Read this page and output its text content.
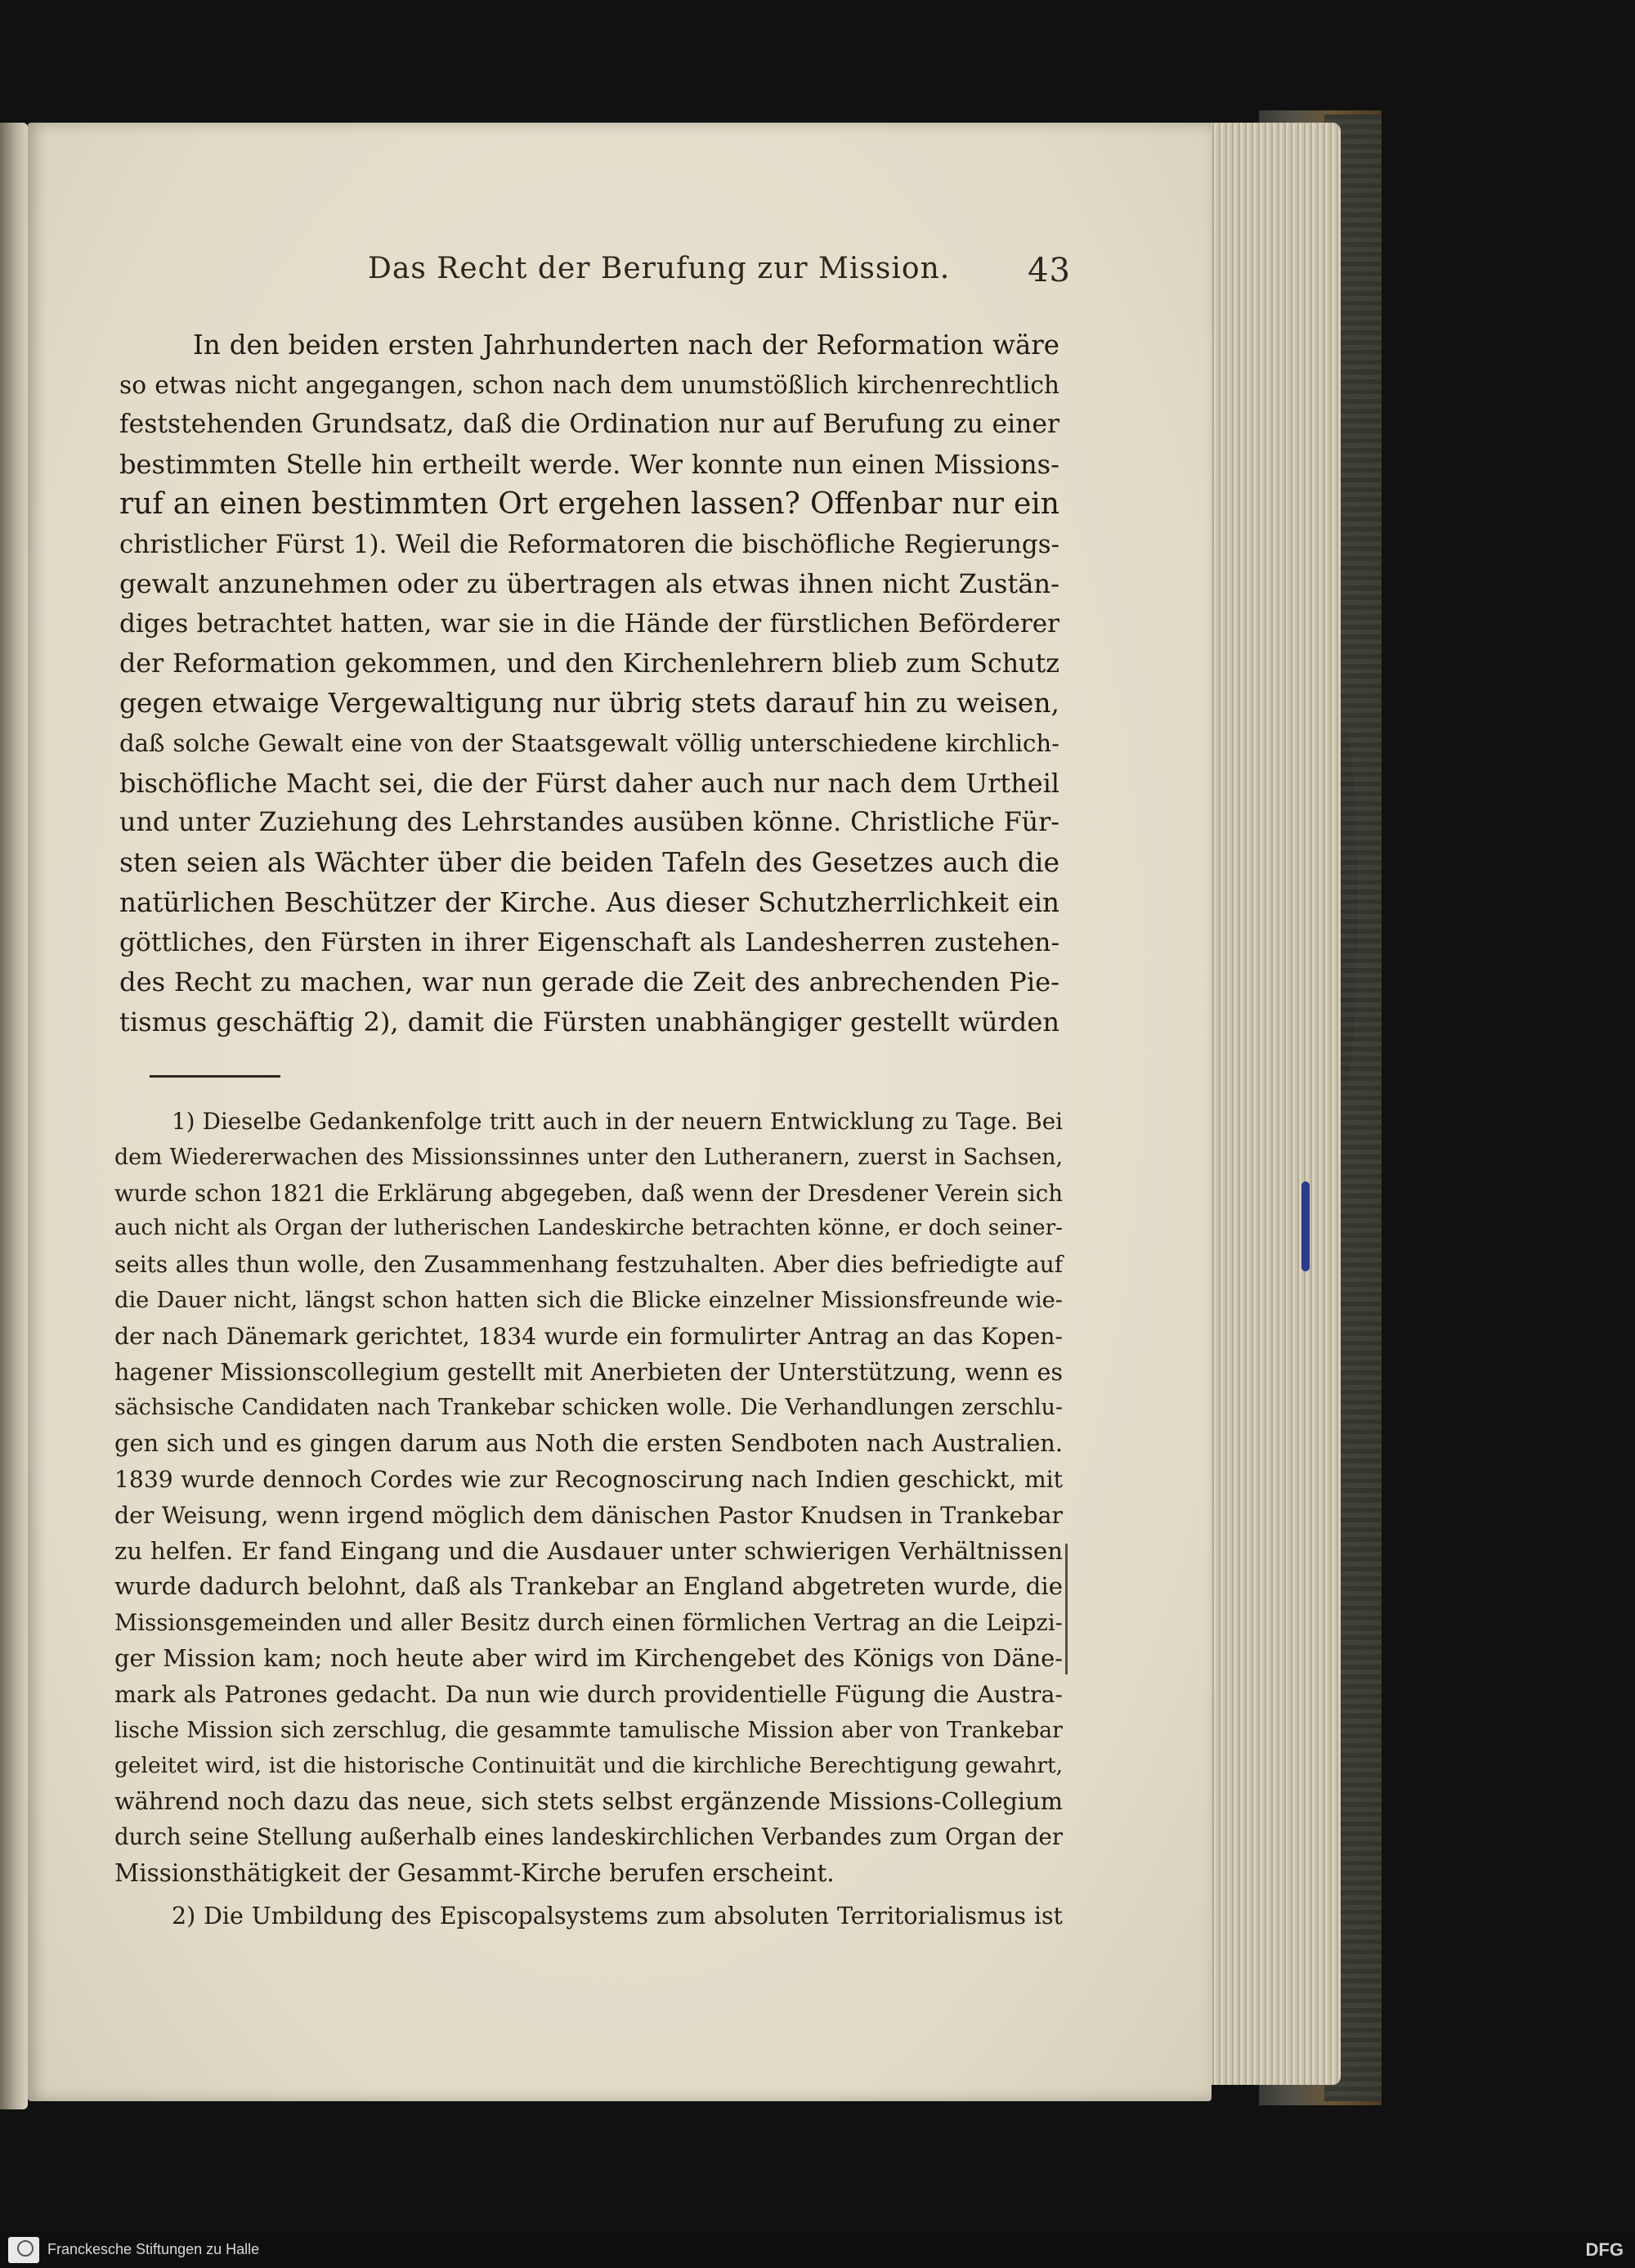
Das Recht der Berufung zur Mission. 43
In den beiden ersten Jahrhunderten nach der Reformation wäre
so etwas nicht angegangen, schon nach dem unumstößlich kirchenrechtlich
feststehenden Grundsatz, daß die Ordination nur auf Berufung zu einer
bestimmten Stelle hin ertheilt werde. Wer konnte nun einen Missions-
ruf an einen bestimmten Ort ergehen lassen? Offenbar nur ein
christlicher Fürst 1). Weil die Reformatoren die bischöfliche Regierungs-
gewalt anzunehmen oder zu übertragen als etwas ihnen nicht Zustän-
diges betrachtet hatten, war sie in die Hände der fürstlichen Beförderer
der Reformation gekommen, und den Kirchenlehrern blieb zum Schutz
gegen etwaige Vergewaltigung nur übrig stets darauf hin zu weisen,
daß solche Gewalt eine von der Staatsgewalt völlig unterschiedene kirchlich-
bischöfliche Macht sei, die der Fürst daher auch nur nach dem Urtheil
und unter Zuziehung des Lehrstandes ausüben könne. Christliche Für-
sten seien als Wächter über die beiden Tafeln des Gesetzes auch die
natürlichen Beschützer der Kirche. Aus dieser Schutzherrlichkeit ein
göttliches, den Fürsten in ihrer Eigenschaft als Landesherren zustehen-
des Recht zu machen, war nun gerade die Zeit des anbrechenden Pie-
tismus geschäftig 2), damit die Fürsten unabhängiger gestellt würden
1) Dieselbe Gedankenfolge tritt auch in der neuern Entwicklung zu Tage. Bei
dem Wiedererwachen des Missionssinnes unter den Lutheranern, zuerst in Sachsen,
wurde schon 1821 die Erklärung abgegeben, daß wenn der Dresdener Verein sich
auch nicht als Organ der lutherischen Landeskirche betrachten könne, er doch seiner-
seits alles thun wolle, den Zusammenhang festzuhalten. Aber dies befriedigte auf
die Dauer nicht, längst schon hatten sich die Blicke einzelner Missionsfreunde wie-
der nach Dänemark gerichtet, 1834 wurde ein formulirter Antrag an das Kopen-
hagener Missionscollegium gestellt mit Anerbieten der Unterstützung, wenn es
sächsische Candidaten nach Trankebar schicken wolle. Die Verhandlungen zerschlu-
gen sich und es gingen darum aus Noth die ersten Sendboten nach Australien.
1839 wurde dennoch Cordes wie zur Recognoscirung nach Indien geschickt, mit
der Weisung, wenn irgend möglich dem dänischen Pastor Knudsen in Trankebar
zu helfen. Er fand Eingang und die Ausdauer unter schwierigen Verhältnissen
wurde dadurch belohnt, daß als Trankebar an England abgetreten wurde, die
Missionsgemeinden und aller Besitz durch einen förmlichen Vertrag an die Leipzi-
ger Mission kam; noch heute aber wird im Kirchengebet des Königs von Däne-
mark als Patrones gedacht. Da nun wie durch providentielle Fügung die Austra-
lische Mission sich zerschlug, die gesammte tamulische Mission aber von Trankebar
geleitet wird, ist die historische Continuität und die kirchliche Berechtigung gewahrt,
während noch dazu das neue, sich stets selbst ergänzende Missions-Collegium
durch seine Stellung außerhalb eines landeskirchlichen Verbandes zum Organ der
Missionsthätigkeit der Gesammt-Kirche berufen erscheint.
2) Die Umbildung des Episcopalsystems zum absoluten Territorialismus ist
Franckesche Stiftungen zu Halle	DFG
